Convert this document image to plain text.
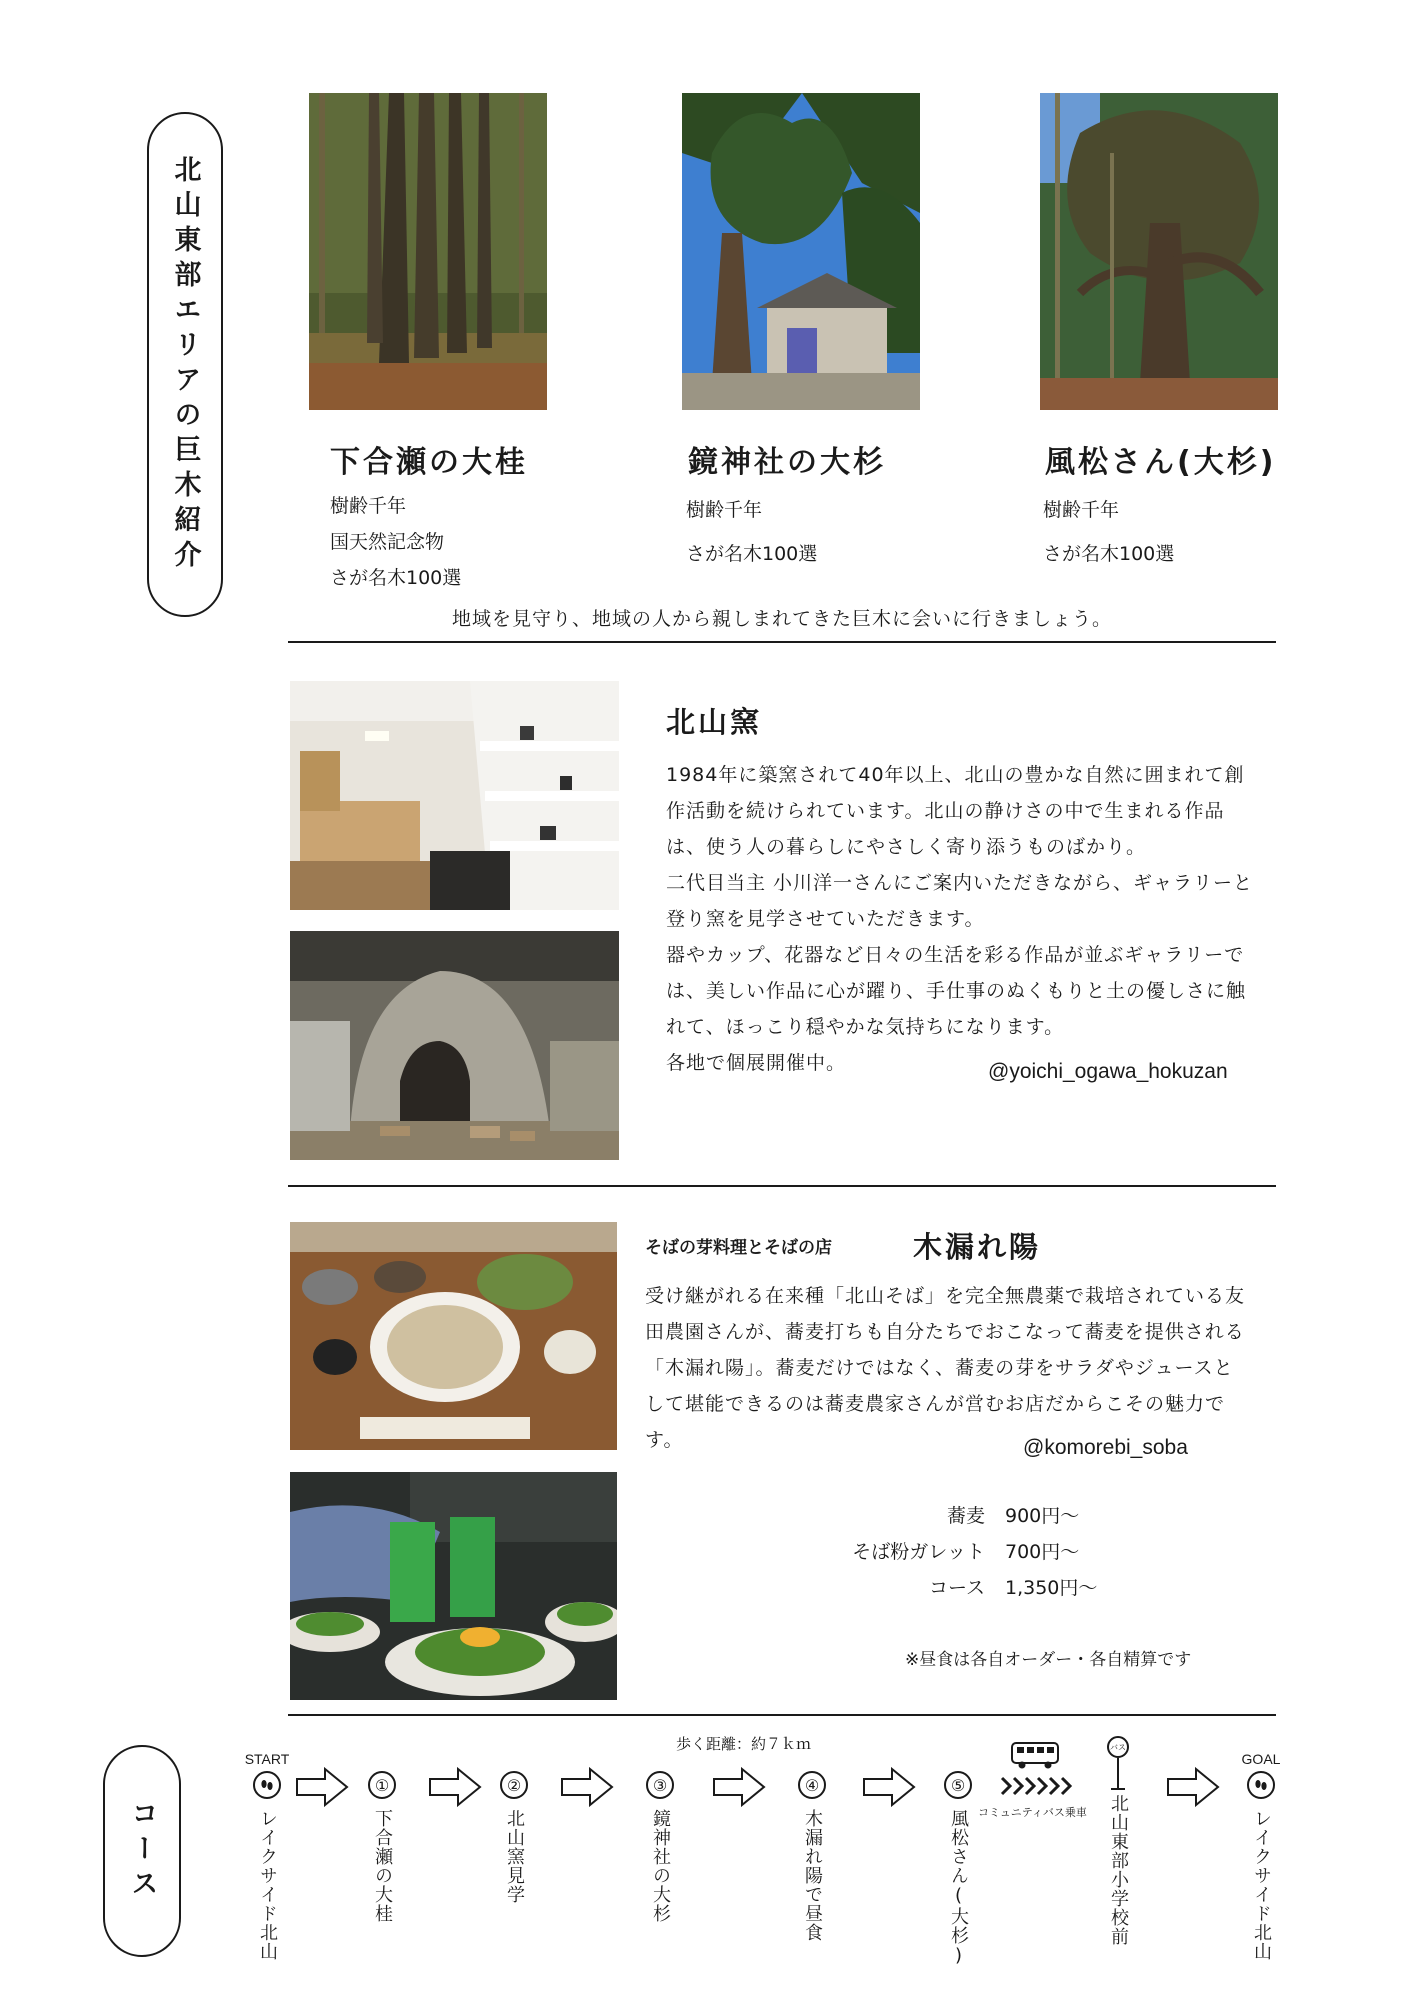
北山東部エリアの巨木紹介	下合瀬の大桂	鏡神社の大杉	風松さん(大杉)
樹齢千年
国天然記念物
さが名木100選
樹齢千年
さが名木100選
樹齢千年
さが名木100選
地域を見守り、地域の人から親しまれてきた巨木に会いに行きましょう。
北山窯

1984年に築窯されて40年以上、北山の豊かな自然に囲まれて創作活動を続けられています。北山の静けさの中で生まれる作品は、使う人の暮らしにやさしく寄り添うものばかり。

二代目当主 小川洋一さんにご案内いただきながら、ギャラリーと登り窯を見学させていただきます。

器やカップ、花器など日々の生活を彩る作品が並ぶギャラリーでは、美しい作品に心が躍り、手仕事のぬくもりと土の優しさに触れて、ほっこり穏やかな気持ちになります。

各地で個展開催中。	@yoichi_ogawa_hokuzan
そばの芽料理とそばの店	木漏れ陽
受け継がれる在来種「北山そば」を完全無農薬で栽培されている友田農園さんが、蕎麦打ちも自分たちでおこなって蕎麦を提供される「木漏れ陽」。蕎麦だけではなく、蕎麦の芽をサラダやジュースとして堪能できるのは蕎麦農家さんが営むお店だからこその魅力です。	@komorebi_soba
蕎麦	900円〜
そば粉ガレット	700円〜
コース	1,350円〜
※昼食は各自オーダー・各自精算です
コース
歩く距離：約７ｋｍ
START
レイクサイド北山
①
下合瀬の大桂
②
北山窯見学
③
鏡神社の大杉
④
木漏れ陽で昼食
⑤
風松さん(大杉) コミュニティバス乗車
バス
北山東部小学校前
GOAL
レイクサイド北山
